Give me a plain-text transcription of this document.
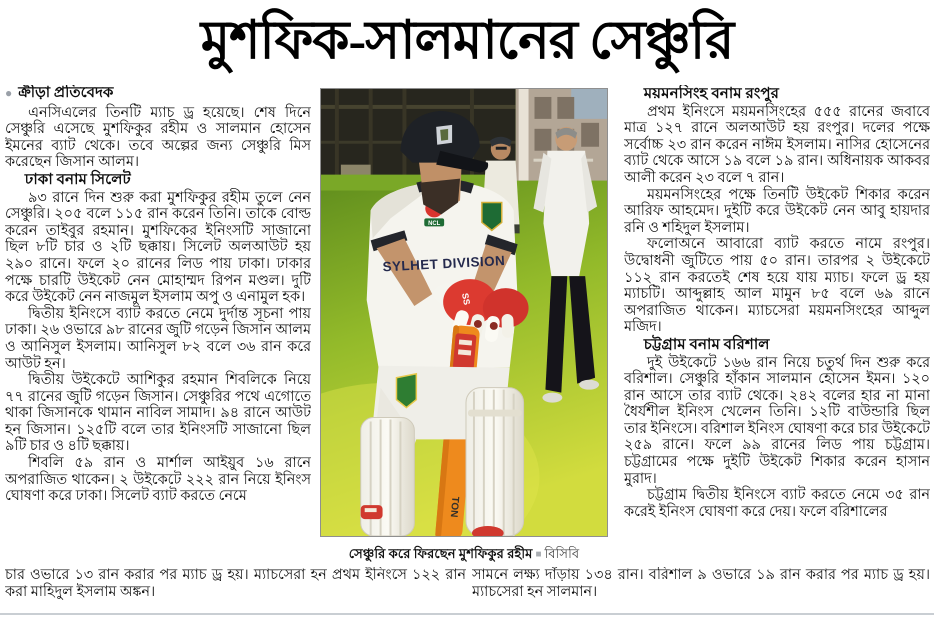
মুশফিক-সালমানের সেঞ্চুরি
● ক্রীড়া প্রতিবেদক

এনসিএলের তিনটি ম্যাচ ড্র হয়েছে। শেষ দিনে সেঞ্চুরি এসেছে মুশফিকুর রহীম ও সালমান হোসেন ইমনের ব্যাট থেকে। তবে অল্পের জন্য সেঞ্চুরি মিস করেছেন জিসান আলম।

ঢাকা বনাম সিলেট

৯৩ রানে দিন শুরু করা মুশফিকুর রহীম তুলে নেন সেঞ্চুরি। ২০৫ বলে ১১৫ রান করেন তিনি। তাকে বোল্ড করেন তাইবুর রহমান। মুশফিকের ইনিংসটি সাজানো ছিল ৮টি চার ও ২টি ছক্কায়। সিলেট অলআউট হয় ২৯০ রানে। ফলে ২০ রানের লিড পায় ঢাকা। ঢাকার পক্ষে চারটি উইকেট নেন মোহাম্মদ রিপন মণ্ডল। দুটি করে উইকেট নেন নাজমুল ইসলাম অপু ও এনামুল হক।

দ্বিতীয় ইনিংসে ব্যাট করতে নেমে দুর্দান্ত সূচনা পায় ঢাকা। ২৬ ওভারে ৯৮ রানের জুটি গড়েন জিসান আলম ও আনিসুল ইসলাম। আনিসুল ৮২ বলে ৩৬ রান করে আউট হন।

দ্বিতীয় উইকেটে আশিকুর রহমান শিবলিকে নিয়ে ৭৭ রানের জুটি গড়েন জিসান। সেঞ্চুরির পথে এগোতে থাকা জিসানকে থামান নাবিল সামাদ। ৯৪ রানে আউট হন জিসান। ১২৫টি বলে তার ইনিংসটি সাজানো ছিল ৯টি চার ও ৪টি ছক্কায়।

শিবলি ৫৯ রান ও মার্শাল আইয়ুব ১৬ রানে অপরাজিত থাকেন। ২ উইকেটে ২২২ রান নিয়ে ইনিংস ঘোষণা করে ঢাকা। সিলেট ব্যাট করতে নেমে

NCL
SYLHET DIVISION
SS
TON
সেঞ্চুরি করে ফিরছেন মুশফিকুর রহীম ■ বিসিবি
ময়মনসিংহ বনাম রংপুর

প্রথম ইনিংসে ময়মনসিংহের ৫৫৫ রানের জবাবে মাত্র ১২৭ রানে অলআউট হয় রংপুর। দলের পক্ষে সর্বোচ্চ ২৩ রান করেন নাঈম ইসলাম। নাসির হোসেনের ব্যাট থেকে আসে ১৯ বলে ১৯ রান। অধিনায়ক আকবর আলী করেন ২৩ বলে ৭ রান।

ময়মনসিংহের পক্ষে তিনটি উইকেট শিকার করেন আরিফ আহমেদ। দুইটি করে উইকেট নেন আবু হায়দার রনি ও শহিদুল ইসলাম।

ফলোঅনে আবারো ব্যাট করতে নামে রংপুর। উদ্বোধনী জুটিতে পায় ৫০ রান। তারপর ২ উইকেটে ১১২ রান করতেই শেষ হয়ে যায় ম্যাচ। ফলে ড্র হয় ম্যাচটি। আব্দুল্লাহ আল মামুন ৮৫ বলে ৬৯ রানে অপরাজিত থাকেন। ম্যাচসেরা ময়মনসিংহের আব্দুল মজিদ।

চট্টগ্রাম বনাম বরিশাল

দুই উইকেটে ১৬৬ রান নিয়ে চতুর্থ দিন শুরু করে বরিশাল। সেঞ্চুরি হাঁকান সালমান হোসেন ইমন। ১২০ রান আসে তার ব্যাট থেকে। ২৪২ বলের হার না মানা ধৈর্যশীল ইনিংস খেলেন তিনি। ১২টি বাউন্ডারি ছিল তার ইনিংসে। বরিশাল ইনিংস ঘোষণা করে চার উইকেটে ২৫৯ রানে। ফলে ৯৯ রানের লিড পায় চট্টগ্রাম। চট্টগ্রামের পক্ষে দুইটি উইকেট শিকার করেন হাসান মুরাদ।

চট্টগ্রাম দ্বিতীয় ইনিংসে ব্যাট করতে নেমে ৩৫ রান করেই ইনিংস ঘোষণা করে দেয়। ফলে বরিশালের

চার ওভারে ১৩ রান করার পর ম্যাচ ড্র হয়। ম্যাচসেরা হন প্রথম ইনিংসে ১২২ রান করা মাহিদুল ইসলাম অঙ্কন।

সামনে লক্ষ্য দাঁড়ায় ১৩৪ রান। বরিশাল ৯ ওভারে ১৯ রান করার পর ম্যাচ ড্র হয়। ম্যাচসেরা হন সালমান।
